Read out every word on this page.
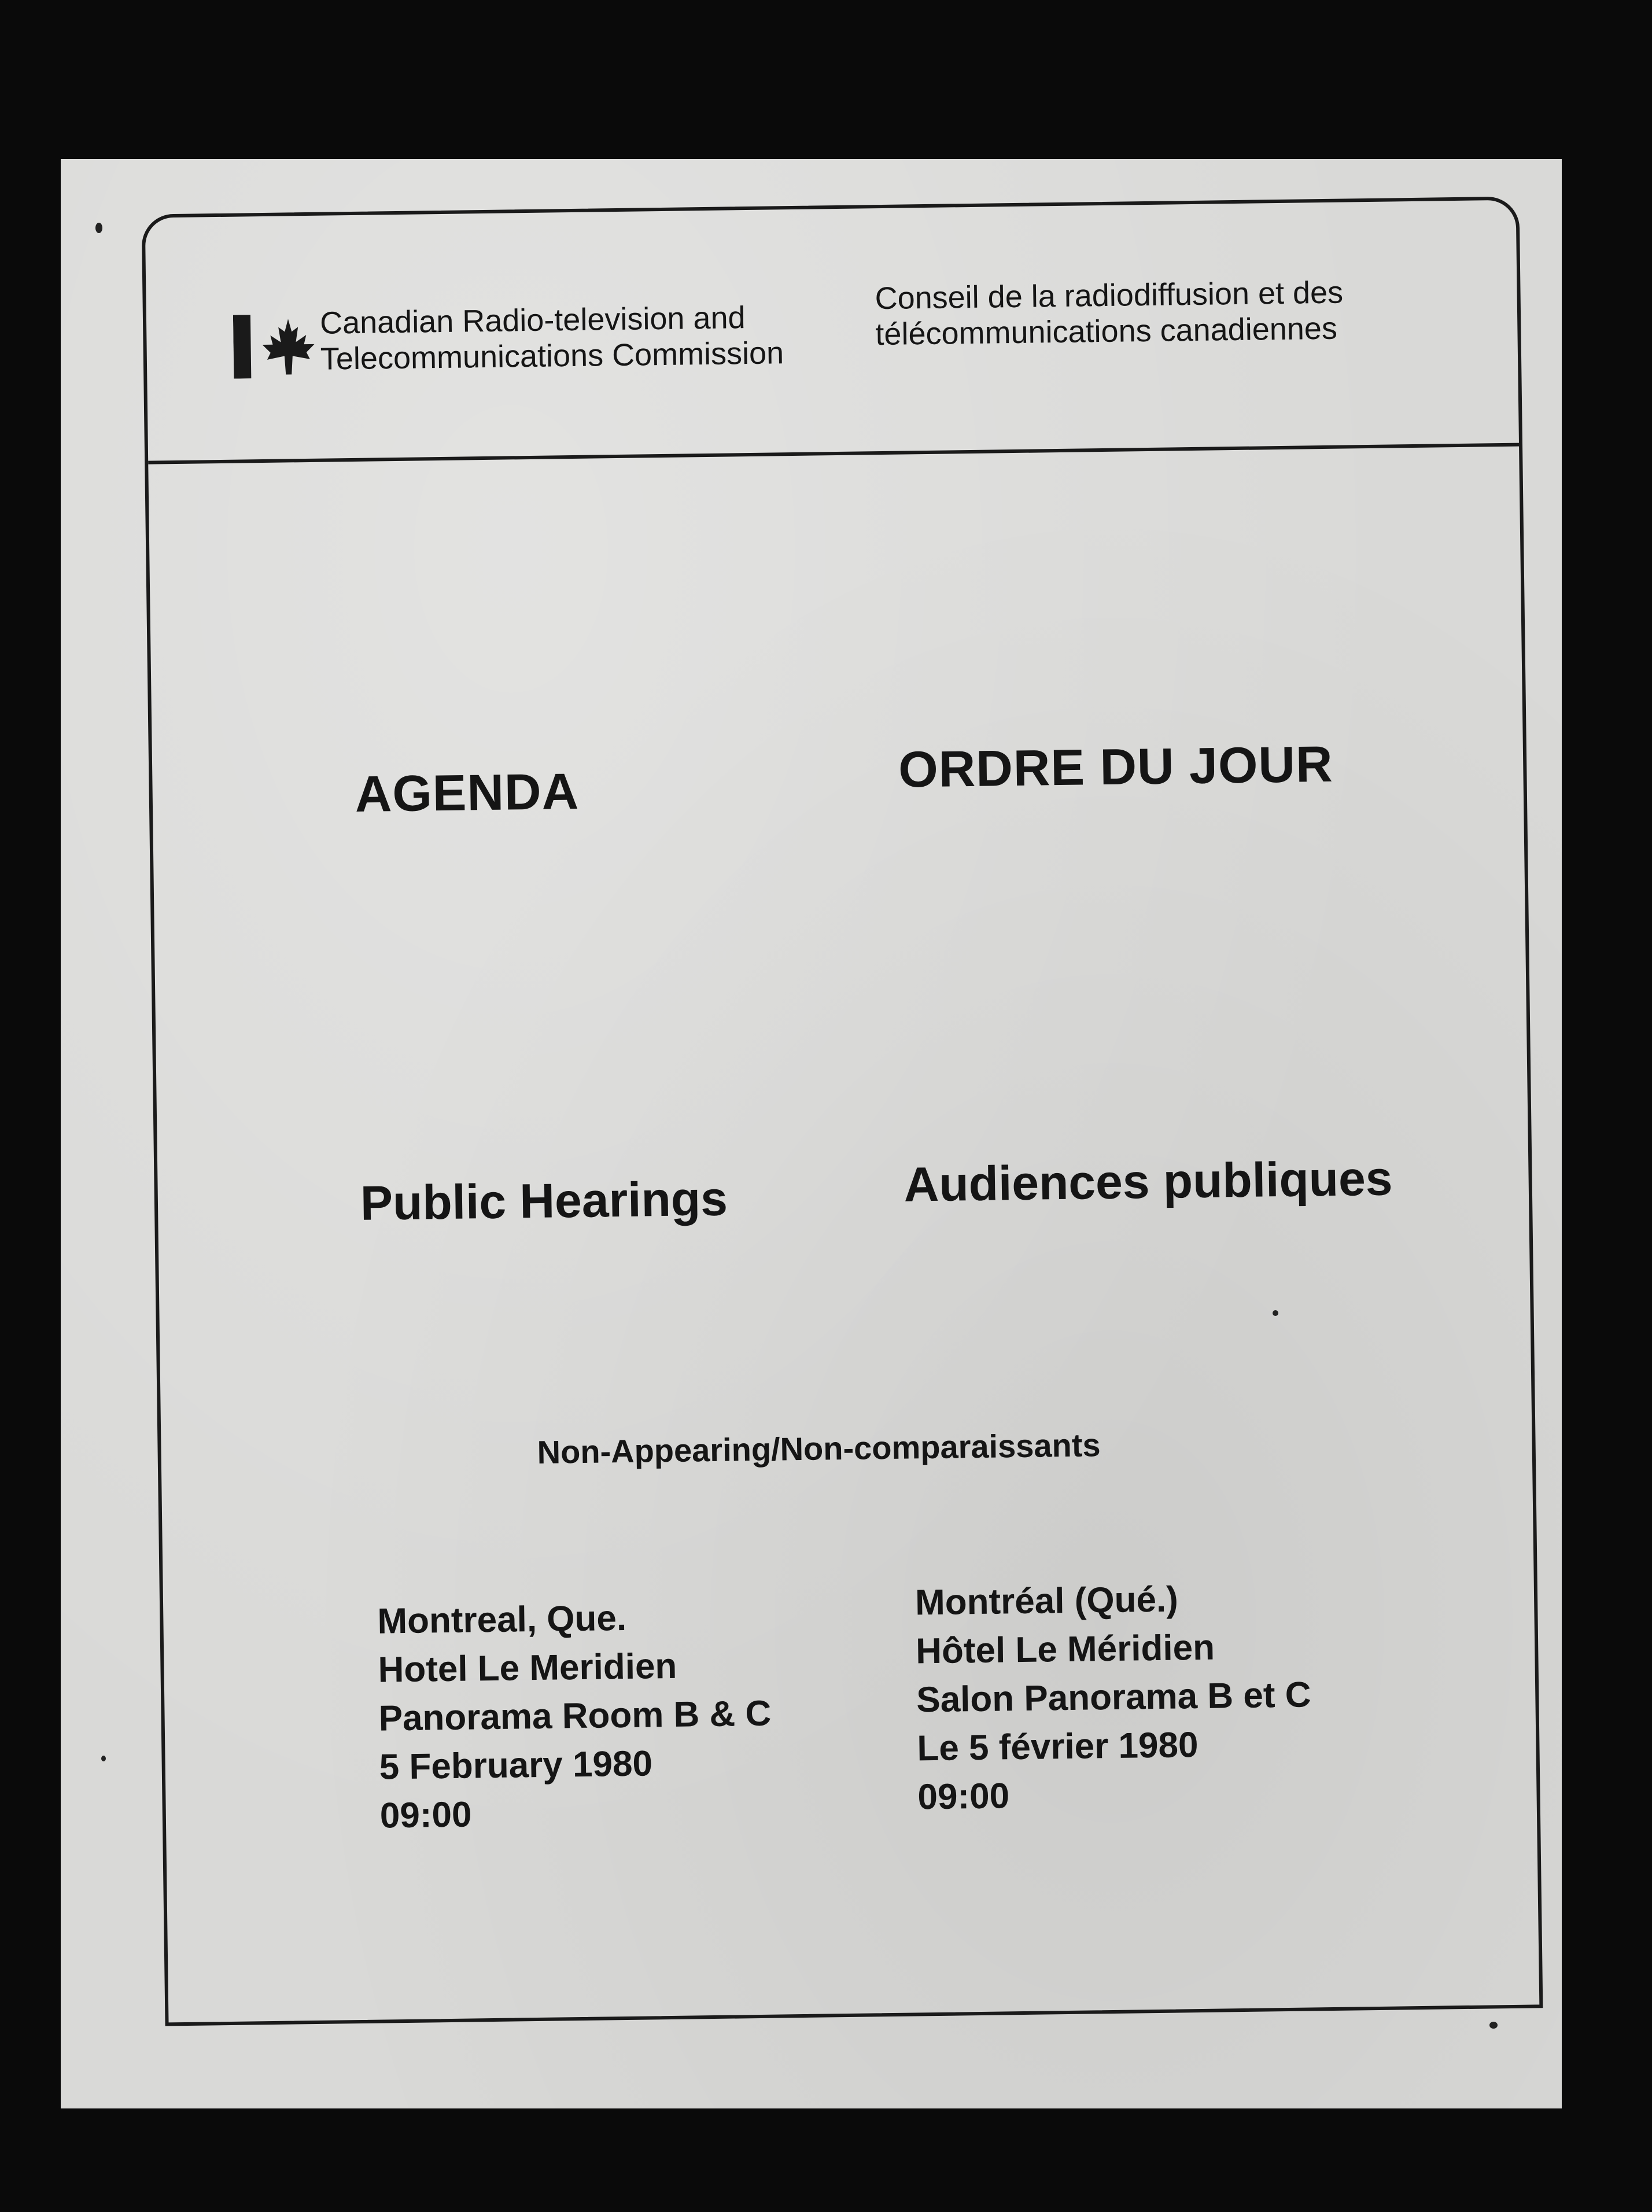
Canadian Radio-television and
Telecommunications Commission
Conseil de la radiodiffusion et des
télécommunications canadiennes
AGENDA	ORDRE DU JOUR
Public Hearings	Audiences publiques
Non-Appearing/Non-comparaissants
Montreal, Que.
Hotel Le Meridien
Panorama Room B & C
5 February 1980
09:00
Montréal (Qué.)
Hôtel Le Méridien
Salon Panorama B et C
Le 5 février 1980
09:00
